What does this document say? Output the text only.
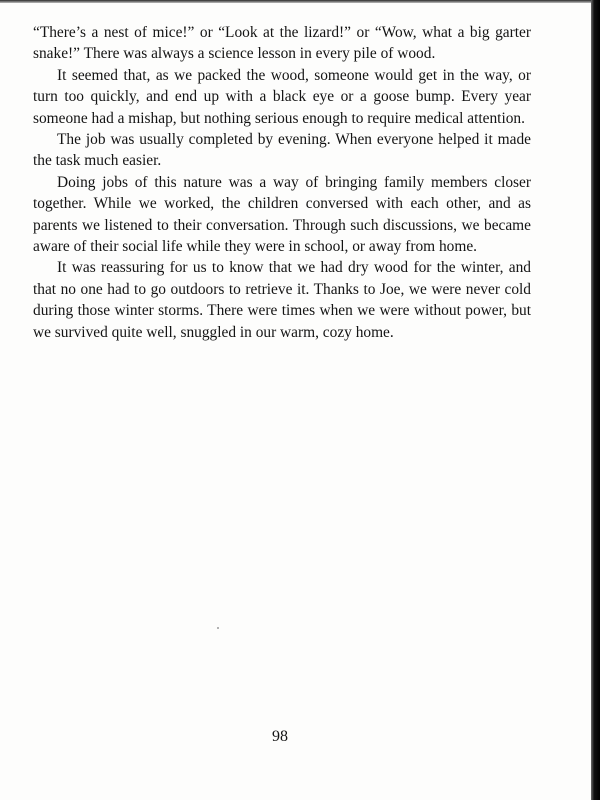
“There’s a nest of mice!” or “Look at the lizard!” or “Wow, what a big garter snake!” There was always a science lesson in every pile of wood.

It seemed that, as we packed the wood, someone would get in the way, or turn too quickly, and end up with a black eye or a goose bump. Every year someone had a mishap, but nothing serious enough to require medical attention.

The job was usually completed by evening. When everyone helped it made the task much easier.

Doing jobs of this nature was a way of bringing family members closer together. While we worked, the children conversed with each other, and as parents we listened to their conversation. Through such discussions, we became aware of their social life while they were in school, or away from home.

It was reassuring for us to know that we had dry wood for the winter, and that no one had to go outdoors to retrieve it. Thanks to Joe, we were never cold during those winter storms. There were times when we were without power, but we survived quite well, snuggled in our warm, cozy home.

98
